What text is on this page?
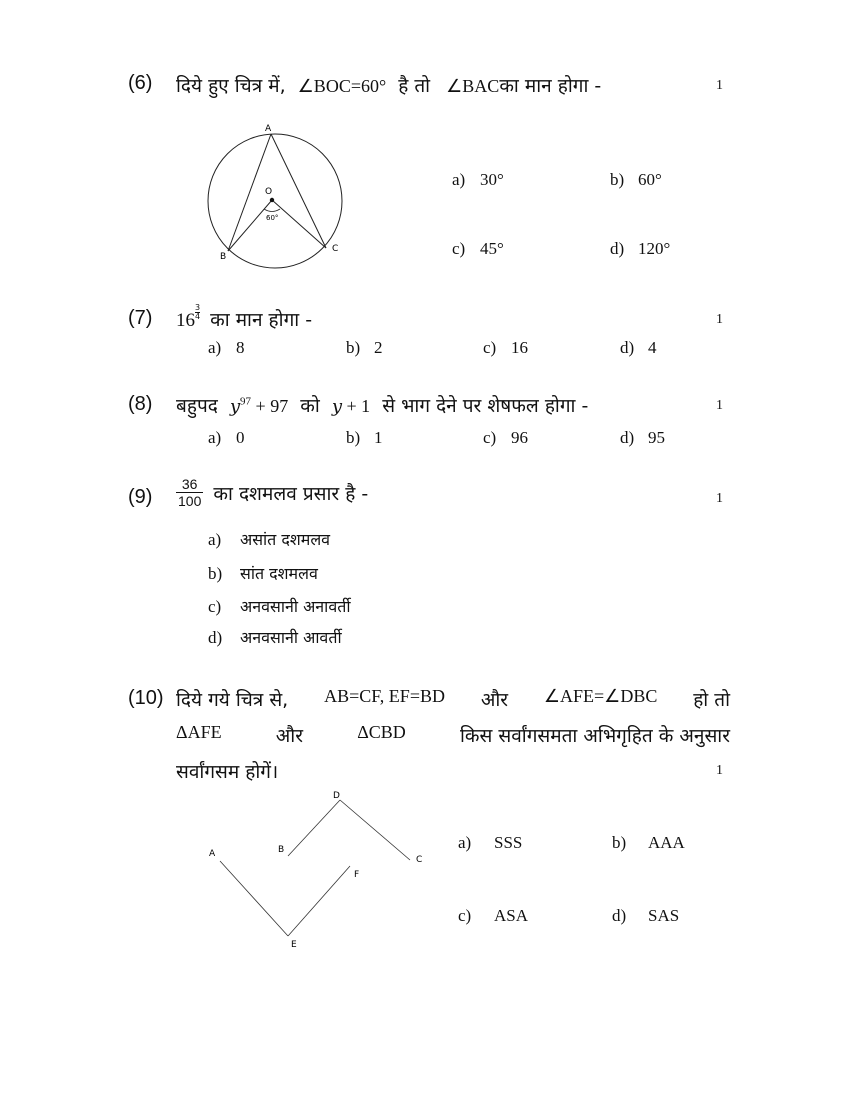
(6) दिये हुए चित्र में, ∠BOC=60° है तो ∠BACका मान होगा -	1
A
B
C
O
60°
a) 30°	b) 60°
c) 45°	d) 120°
(7) $16 \frac{3}{4}$ का मान होगा -	1
a) 8	b) 2	c) 16	d) 4
(8) बहुपद $y^{97} + 97$ को y + 1 से भाग देने पर शेषफल होगा -	1
a) 0	b) 1	c) 96	d) 95
$(9) \frac{36}{100}$ का दशमलव प्रसार है -	1
a) असांत दशमलव
b) सांत दशमलव
c) अनवसानी अनावर्ती
d) अनवसानी आवर्ती
(10) दिये गये चित्र से, AB=CF, EF=BD और ∠AFE=∠DBC हो तो
ΔAFE	और	ΔCBD	किस सर्वांगसमता अभिगृहित के अनुसार
सर्वांगसम होगें।	1
A	B
C
D
E
F
a) SSS	b) AAA
c) ASA	d) SAS
